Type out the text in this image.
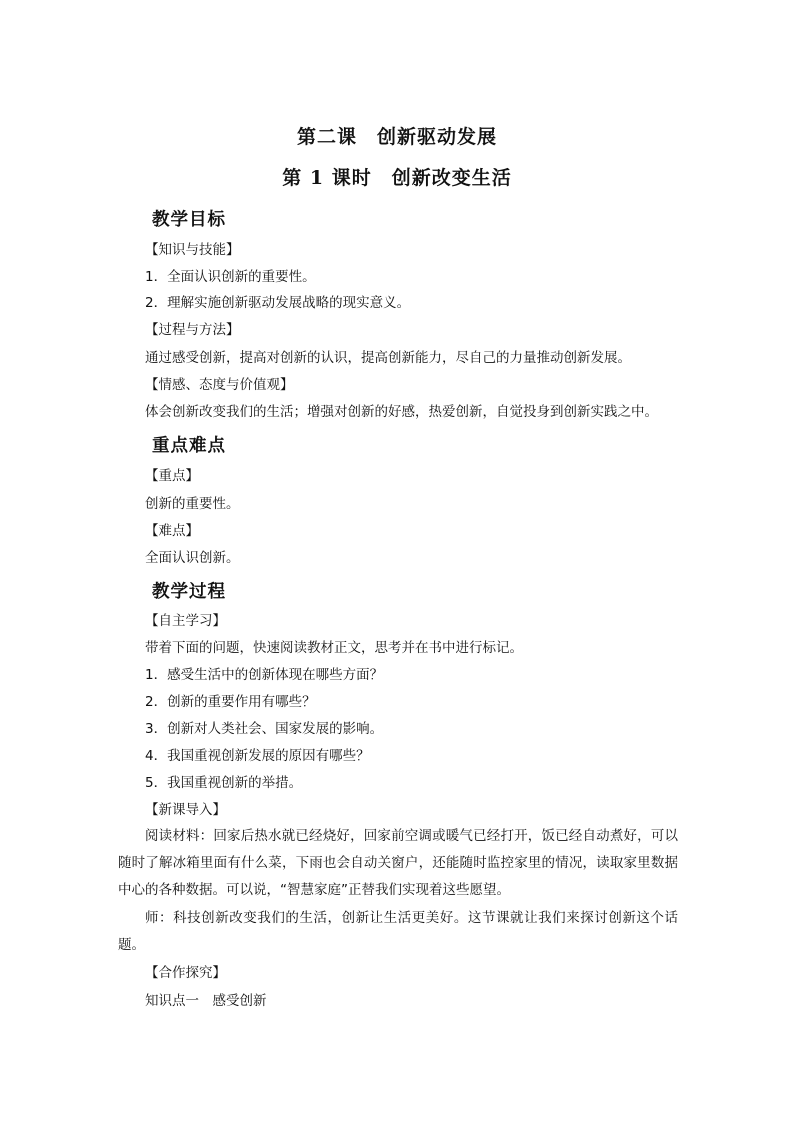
第二课　创新驱动发展
第 1 课时　创新改变生活
教学目标
【知识与技能】
1．全面认识创新的重要性。
2．理解实施创新驱动发展战略的现实意义。
【过程与方法】
通过感受创新，提高对创新的认识，提高创新能力，尽自己的力量推动创新发展。
【情感、态度与价值观】
体会创新改变我们的生活；增强对创新的好感，热爱创新，自觉投身到创新实践之中。
重点难点
【重点】
创新的重要性。
【难点】
全面认识创新。
教学过程
【自主学习】
带着下面的问题，快速阅读教材正文，思考并在书中进行标记。
1．感受生活中的创新体现在哪些方面？
2．创新的重要作用有哪些？
3．创新对人类社会、国家发展的影响。
4．我国重视创新发展的原因有哪些？
5．我国重视创新的举措。
【新课导入】
阅读材料：回家后热水就已经烧好，回家前空调或暖气已经打开，饭已经自动煮好，可以随时了解冰箱里面有什么菜，下雨也会自动关窗户，还能随时监控家里的情况，读取家里数据中心的各种数据。可以说，“智慧家庭”正替我们实现着这些愿望。
师：科技创新改变我们的生活，创新让生活更美好。这节课就让我们来探讨创新这个话题。
【合作探究】
知识点一　感受创新
